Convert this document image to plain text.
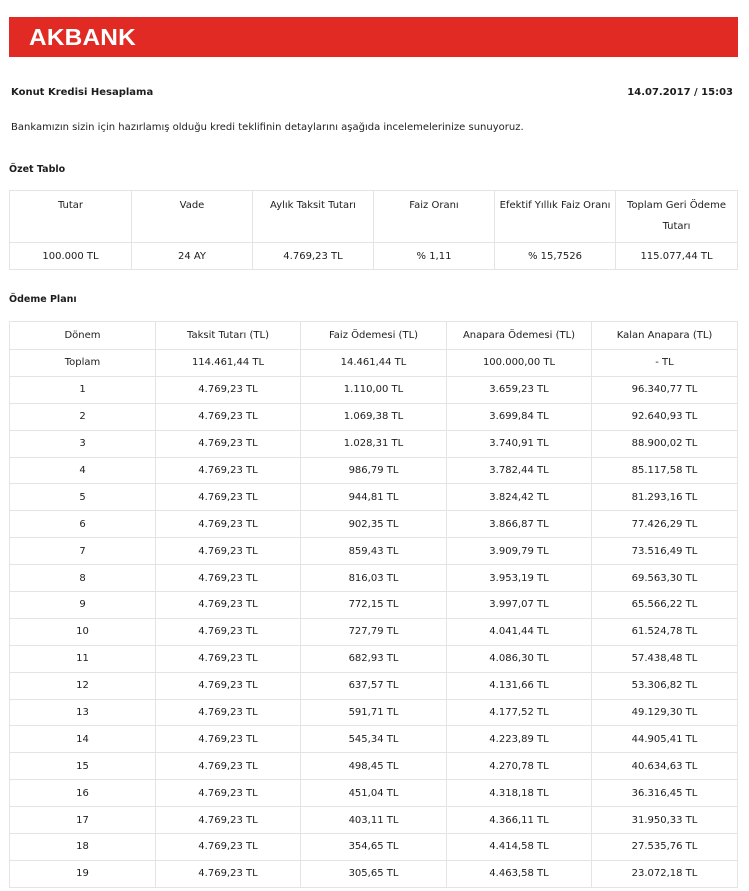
AKBANK
Konut Kredisi Hesaplama	14.07.2017 / 15:03
Bankamızın sizin için hazırlamış olduğu kredi teklifinin detaylarını aşağıda incelemelerinize sunuyoruz.
Özet Tablo
Tutar	Vade	Aylık Taksit Tutarı	Faiz Oranı	Efektif Yıllık Faiz Oranı	Toplam Geri Ödeme Tutarı
100.000 TL	24 AY	4.769,23 TL	% 1,11	% 15,7526	115.077,44 TL
Ödeme Planı
Dönem	Taksit Tutarı (TL)	Faiz Ödemesi (TL)	Anapara Ödemesi (TL)	Kalan Anapara (TL)
Toplam	114.461,44 TL	14.461,44 TL	100.000,00 TL	- TL
1	4.769,23 TL	1.110,00 TL	3.659,23 TL	96.340,77 TL
2	4.769,23 TL	1.069,38 TL	3.699,84 TL	92.640,93 TL
3	4.769,23 TL	1.028,31 TL	3.740,91 TL	88.900,02 TL
4	4.769,23 TL	986,79 TL	3.782,44 TL	85.117,58 TL
5	4.769,23 TL	944,81 TL	3.824,42 TL	81.293,16 TL
6	4.769,23 TL	902,35 TL	3.866,87 TL	77.426,29 TL
7	4.769,23 TL	859,43 TL	3.909,79 TL	73.516,49 TL
8	4.769,23 TL	816,03 TL	3.953,19 TL	69.563,30 TL
9	4.769,23 TL	772,15 TL	3.997,07 TL	65.566,22 TL
10	4.769,23 TL	727,79 TL	4.041,44 TL	61.524,78 TL
11	4.769,23 TL	682,93 TL	4.086,30 TL	57.438,48 TL
12	4.769,23 TL	637,57 TL	4.131,66 TL	53.306,82 TL
13	4.769,23 TL	591,71 TL	4.177,52 TL	49.129,30 TL
14	4.769,23 TL	545,34 TL	4.223,89 TL	44.905,41 TL
15	4.769,23 TL	498,45 TL	4.270,78 TL	40.634,63 TL
16	4.769,23 TL	451,04 TL	4.318,18 TL	36.316,45 TL
17	4.769,23 TL	403,11 TL	4.366,11 TL	31.950,33 TL
18	4.769,23 TL	354,65 TL	4.414,58 TL	27.535,76 TL
19	4.769,23 TL	305,65 TL	4.463,58 TL	23.072,18 TL
